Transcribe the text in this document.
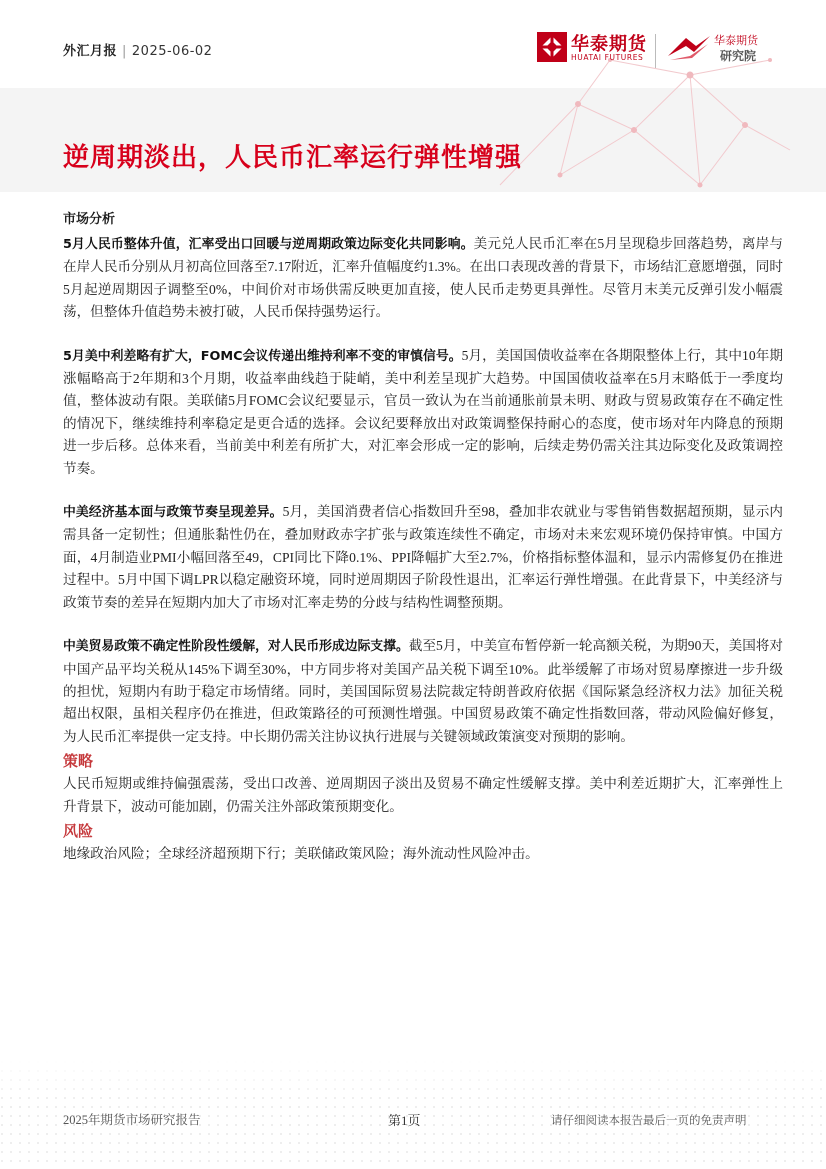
外汇月报 | 2025-06-02	华泰期货
HUATAI FUTURES
华泰期货
研究院
逆周期淡出，人民币汇率运行弹性增强
市场分析

5月人民币整体升值，汇率受出口回暖与逆周期政策边际变化共同影响。美元兑人民币汇率在5月呈现稳步回落趋势，离岸与在岸人民币分别从月初高位回落至7.17附近，汇率升值幅度约1.3%。在出口表现改善的背景下，市场结汇意愿增强，同时5月起逆周期因子调整至0%，中间价对市场供需反映更加直接，使人民币走势更具弹性。尽管月末美元反弹引发小幅震荡，但整体升值趋势未被打破，人民币保持强势运行。

5月美中利差略有扩大，FOMC会议传递出维持利率不变的审慎信号。5月，美国国债收益率在各期限整体上行，其中10年期涨幅略高于2年期和3个月期，收益率曲线趋于陡峭，美中利差呈现扩大趋势。中国国债收益率在5月末略低于一季度均值，整体波动有限。美联储5月FOMC会议纪要显示，官员一致认为在当前通胀前景未明、财政与贸易政策存在不确定性的情况下，继续维持利率稳定是更合适的选择。会议纪要释放出对政策调整保持耐心的态度，使市场对年内降息的预期进一步后移。总体来看，当前美中利差有所扩大，对汇率会形成一定的影响，后续走势仍需关注其边际变化及政策调控节奏。

中美经济基本面与政策节奏呈现差异。5月，美国消费者信心指数回升至98，叠加非农就业与零售销售数据超预期，显示内需具备一定韧性；但通胀黏性仍在，叠加财政赤字扩张与政策连续性不确定，市场对未来宏观环境仍保持审慎。中国方面，4月制造业PMI小幅回落至49，CPI同比下降0.1%、PPI降幅扩大至2.7%，价格指标整体温和，显示内需修复仍在推进过程中。5月中国下调LPR以稳定融资环境，同时逆周期因子阶段性退出，汇率运行弹性增强。在此背景下，中美经济与政策节奏的差异在短期内加大了市场对汇率走势的分歧与结构性调整预期。

中美贸易政策不确定性阶段性缓解，对人民币形成边际支撑。截至5月，中美宣布暂停新一轮高额关税，为期90天，美国将对中国产品平均关税从145%下调至30%，中方同步将对美国产品关税下调至10%。此举缓解了市场对贸易摩擦进一步升级的担忧，短期内有助于稳定市场情绪。同时，美国国际贸易法院裁定特朗普政府依据《国际紧急经济权力法》加征关税超出权限，虽相关程序仍在推进，但政策路径的可预测性增强。中国贸易政策不确定性指数回落，带动风险偏好修复，为人民币汇率提供一定支持。中长期仍需关注协议执行进展与关键领域政策演变对预期的影响。

策略

人民币短期或维持偏强震荡，受出口改善、逆周期因子淡出及贸易不确定性缓解支撑。美中利差近期扩大，汇率弹性上升背景下，波动可能加剧，仍需关注外部政策预期变化。

风险

地缘政治风险；全球经济超预期下行；美联储政策风险；海外流动性风险冲击。

2025年期货市场研究报告	第1页	请仔细阅读本报告最后一页的免责声明
